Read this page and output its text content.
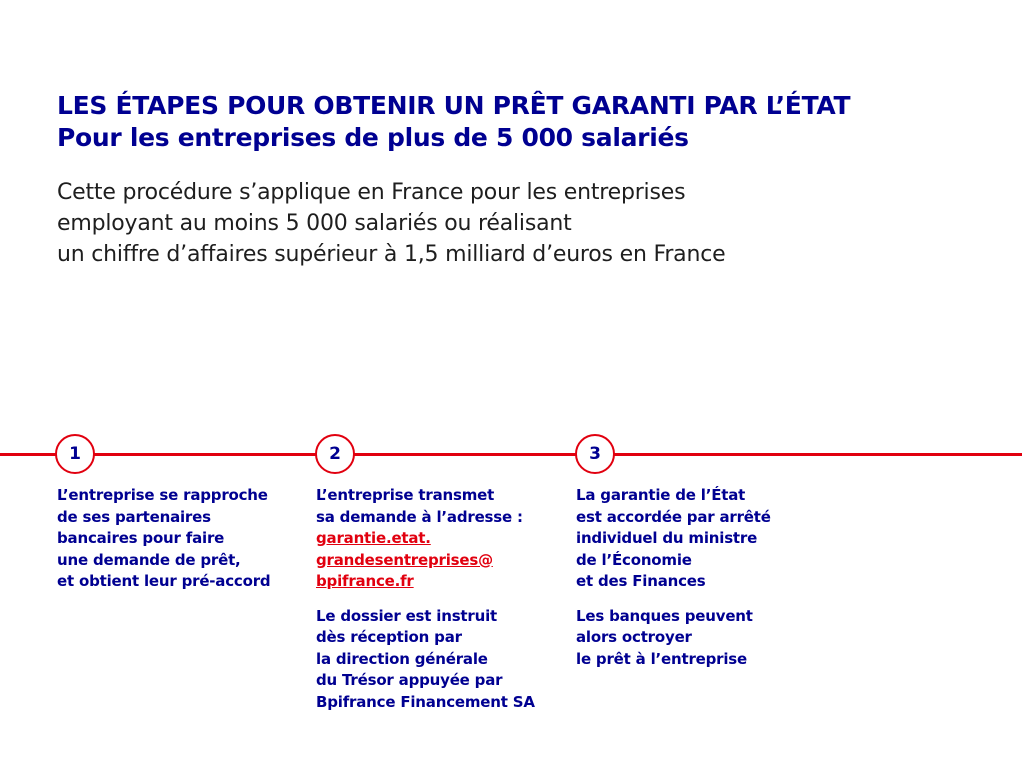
LES ÉTAPES POUR OBTENIR UN PRÊT GARANTI PAR L’ÉTAT
Pour les entreprises de plus de 5 000 salariés

Cette procédure s’applique en France pour les entreprises
employant au moins 5 000 salariés ou réalisant
un chiffre d’affaires supérieur à 1,5 milliard d’euros en France

1

L’entreprise se rapproche
de ses partenaires
bancaires pour faire
une demande de prêt,
et obtient leur pré-accord

2

L’entreprise transmet
sa demande à l’adresse :
garantie.etat.
grandesentreprises@
bpifrance.fr

Le dossier est instruit
dès réception par
la direction générale
du Trésor appuyée par
Bpifrance Financement SA

3

La garantie de l’État
est accordée par arrêté
individuel du ministre
de l’Économie
et des Finances

Les banques peuvent
alors octroyer
le prêt à l’entreprise
